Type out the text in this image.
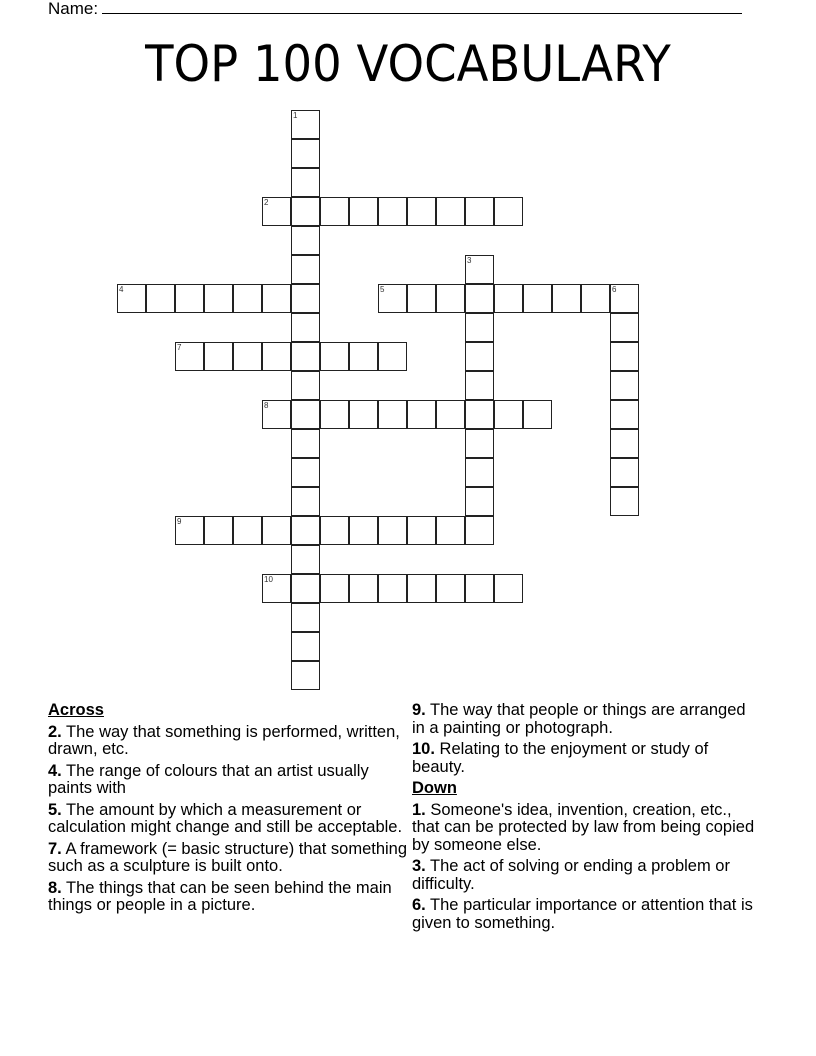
Name:
TOP 100 VOCABULARY
1
2
3
4	5	6
7
8
9
10
Across
2. The way that something is performed, written, drawn, etc.
4. The range of colours that an artist usually paints with
5. The amount by which a measurement or calculation might change and still be acceptable.
7. A framework (= basic structure) that something such as a sculpture is built onto.
8. The things that can be seen behind the main things or people in a picture.
9. The way that people or things are arranged in a painting or photograph.
10. Relating to the enjoyment or study of beauty.
Down
1. Someone's idea, invention, creation, etc., that can be protected by law from being copied by someone else.
3. The act of solving or ending a problem or difficulty.
6. The particular importance or attention that is given to something.
